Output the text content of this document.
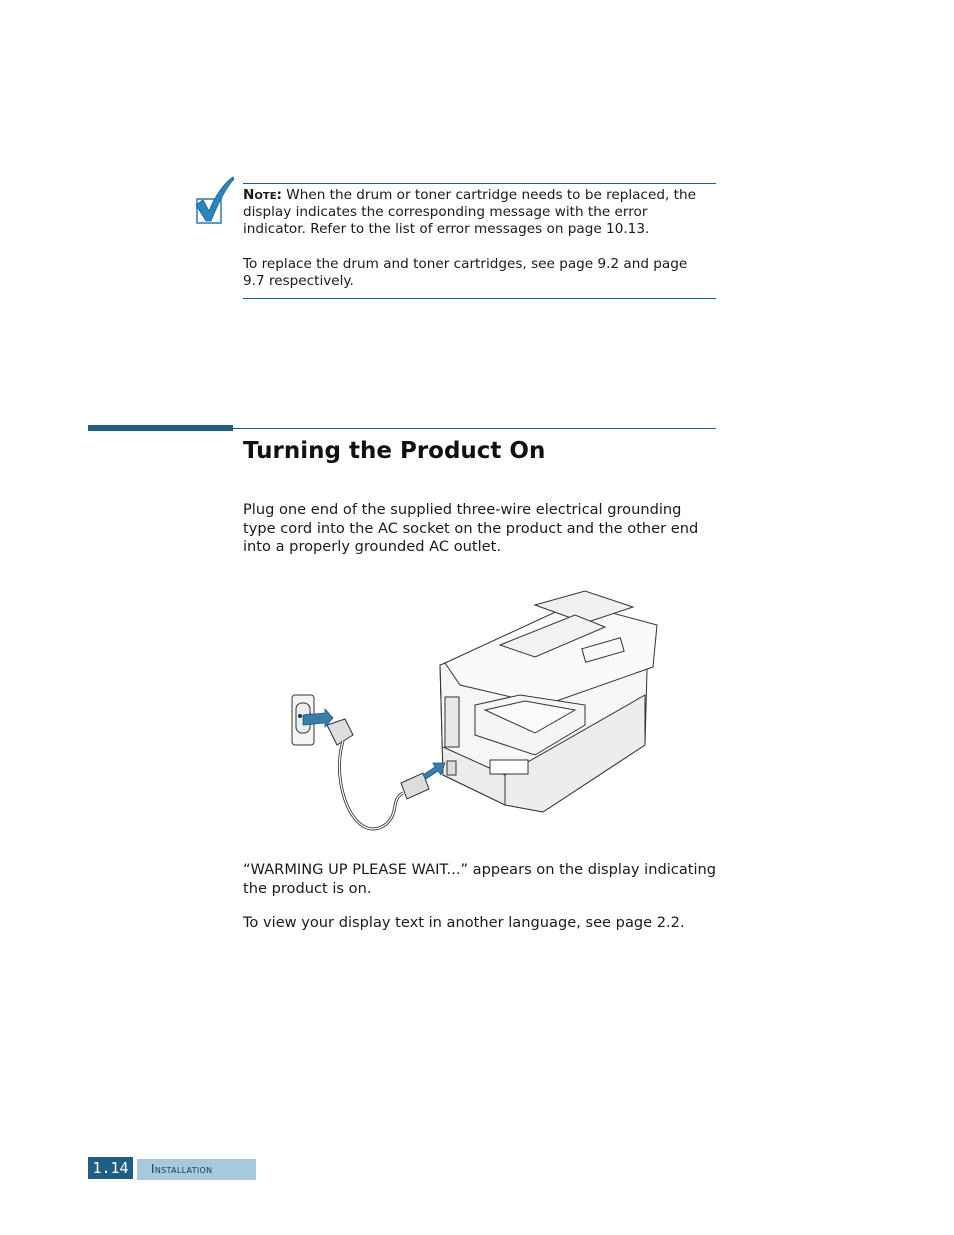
Note: When the drum or toner cartridge needs to be replaced, the display indicates the corresponding message with the error indicator. Refer to the list of error messages on page 10.13.

To replace the drum and toner cartridges, see page 9.2 and page 9.7 respectively.

Turning the Product On

Plug one end of the supplied three-wire electrical grounding type cord into the AC socket on the product and the other end into a properly grounded AC outlet.

“WARMING UP PLEASE WAIT...” appears on the display indicating the product is on.

To view your display text in another language, see page 2.2.

1.14	Installation
